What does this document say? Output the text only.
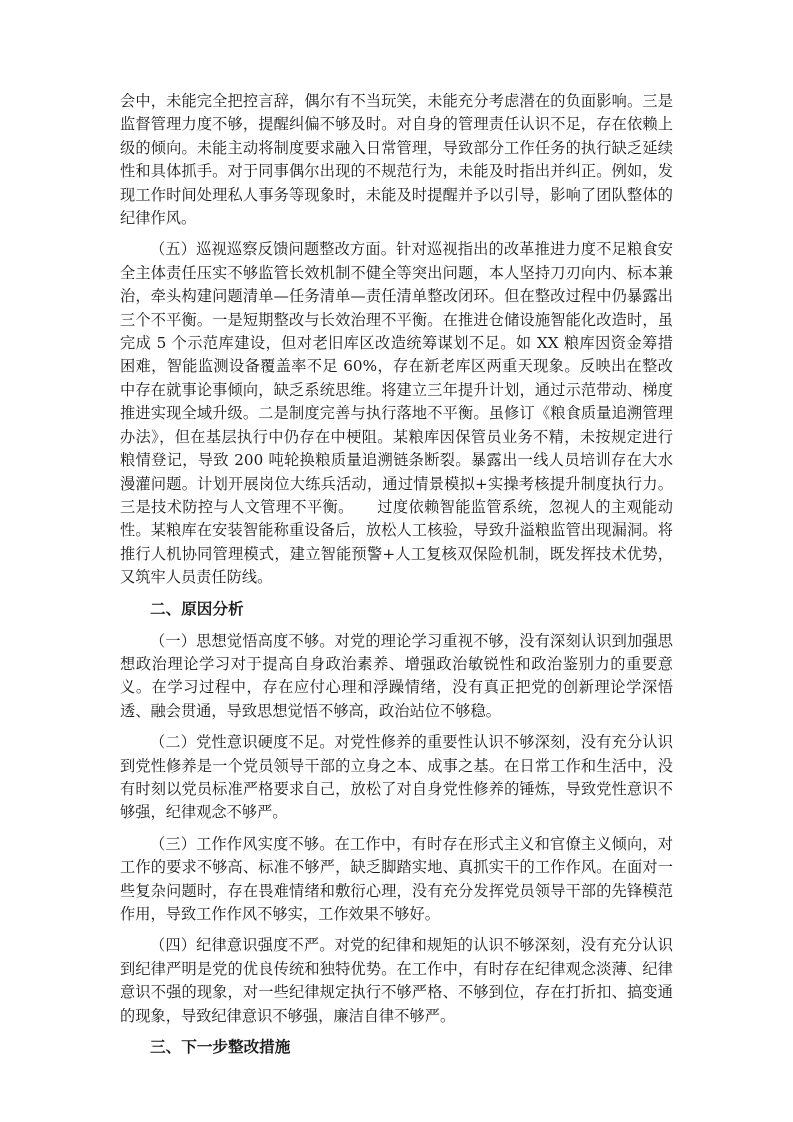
会中，未能完全把控言辞，偶尔有不当玩笑，未能充分考虑潜在的负面影响。三是监督管理力度不够，提醒纠偏不够及时。对自身的管理责任认识不足，存在依赖上级的倾向。未能主动将制度要求融入日常管理，导致部分工作任务的执行缺乏延续性和具体抓手。对于同事偶尔出现的不规范行为，未能及时指出并纠正。例如，发现工作时间处理私人事务等现象时，未能及时提醒并予以引导，影响了团队整体的纪律作风。

（五）巡视巡察反馈问题整改方面。针对巡视指出的改革推进力度不足粮食安全主体责任压实不够监管长效机制不健全等突出问题，本人坚持刀刃向内、标本兼治，牵头构建问题清单—任务清单—责任清单整改闭环。但在整改过程中仍暴露出三个不平衡。一是短期整改与长效治理不平衡。在推进仓储设施智能化改造时，虽完成 5 个示范库建设，但对老旧库区改造统筹谋划不足。如 XX 粮库因资金筹措困难，智能监测设备覆盖率不足 60%，存在新老库区两重天现象。反映出在整改中存在就事论事倾向，缺乏系统思维。将建立三年提升计划，通过示范带动、梯度推进实现全域升级。二是制度完善与执行落地不平衡。虽修订《粮食质量追溯管理办法》，但在基层执行中仍存在中梗阻。某粮库因保管员业务不精，未按规定进行粮情登记，导致 200 吨轮换粮质量追溯链条断裂。暴露出一线人员培训存在大水漫灌问题。计划开展岗位大练兵活动，通过情景模拟+实操考核提升制度执行力。三是技术防控与人文管理不平衡。　　过度依赖智能监管系统，忽视人的主观能动性。某粮库在安装智能称重设备后，放松人工核验，导致升溢粮监管出现漏洞。将推行人机协同管理模式，建立智能预警+人工复核双保险机制，既发挥技术优势，又筑牢人员责任防线。

二、原因分析

（一）思想觉悟高度不够。对党的理论学习重视不够，没有深刻认识到加强思想政治理论学习对于提高自身政治素养、增强政治敏锐性和政治鉴别力的重要意义。在学习过程中，存在应付心理和浮躁情绪，没有真正把党的创新理论学深悟透、融会贯通，导致思想觉悟不够高，政治站位不够稳。

（二）党性意识硬度不足。对党性修养的重要性认识不够深刻，没有充分认识到党性修养是一个党员领导干部的立身之本、成事之基。在日常工作和生活中，没有时刻以党员标准严格要求自己，放松了对自身党性修养的锤炼，导致党性意识不够强，纪律观念不够严。

（三）工作作风实度不够。在工作中，有时存在形式主义和官僚主义倾向，对工作的要求不够高、标准不够严，缺乏脚踏实地、真抓实干的工作作风。在面对一些复杂问题时，存在畏难情绪和敷衍心理，没有充分发挥党员领导干部的先锋模范作用，导致工作作风不够实，工作效果不够好。

（四）纪律意识强度不严。对党的纪律和规矩的认识不够深刻，没有充分认识到纪律严明是党的优良传统和独特优势。在工作中，有时存在纪律观念淡薄、纪律意识不强的现象，对一些纪律规定执行不够严格、不够到位，存在打折扣、搞变通的现象，导致纪律意识不够强，廉洁自律不够严。

三、下一步整改措施
